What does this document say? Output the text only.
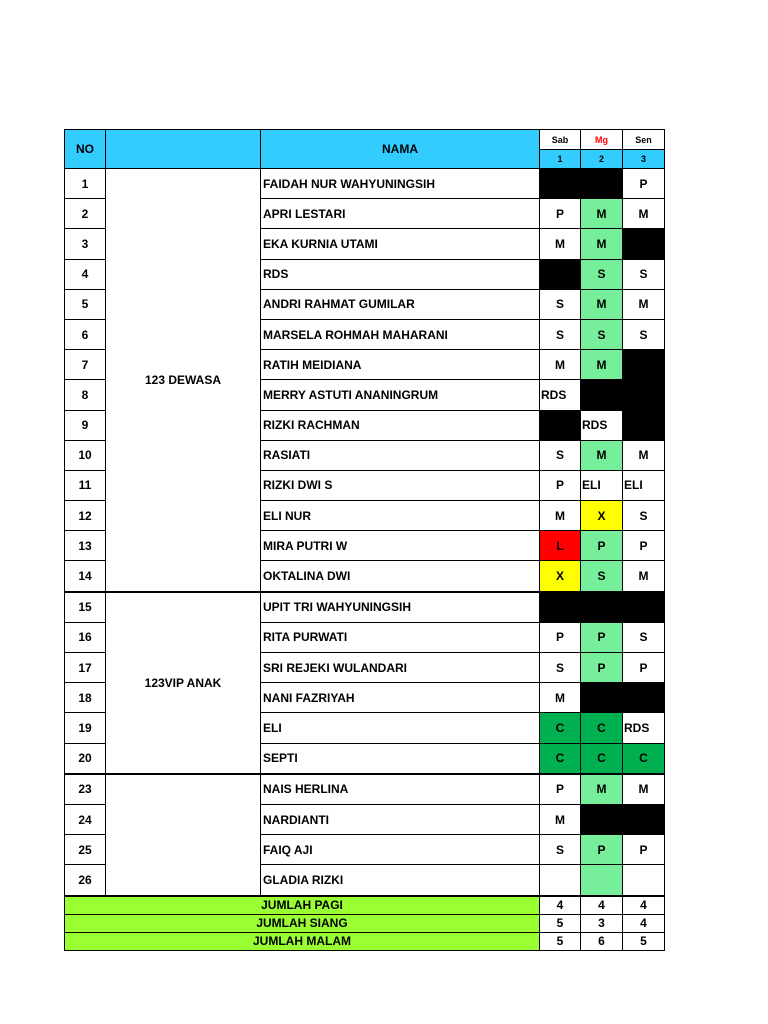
NO		NAMA	Sab	Mg	Sen
			1	2	3
1	123 DEWASA	FAIDAH NUR WAHYUNINGSIH			P
2		APRI LESTARI	P	M	M
3		EKA KURNIA UTAMI	M	M	
4		RDS		S	S
5		ANDRI RAHMAT GUMILAR	S	M	M
6		MARSELA ROHMAH MAHARANI	S	S	S
7		RATIH MEIDIANA	M	M	
8		MERRY ASTUTI ANANINGRUM	RDS		
9		RIZKI RACHMAN		RDS	
10		RASIATI	S	M	M
11		RIZKI DWI S	P	ELI	ELI
12		ELI NUR	M	X	S
13		MIRA PUTRI W	L	P	P
14		OKTALINA DWI	X	S	M
15	123VIP ANAK	UPIT TRI WAHYUNINGSIH			
16		RITA PURWATI	P	P	S
17		SRI REJEKI WULANDARI	S	P	P
18		NANI FAZRIYAH	M		
19		ELI	C	C	RDS
20		SEPTI	C	C	C
23		NAIS HERLINA	P	M	M
24		NARDIANTI	M		
25		FAIQ AJI	S	P	P
26		GLADIA RIZKI			
JUMLAH PAGI			4	4	4
JUMLAH SIANG			5	3	4
JUMLAH MALAM			5	6	5
